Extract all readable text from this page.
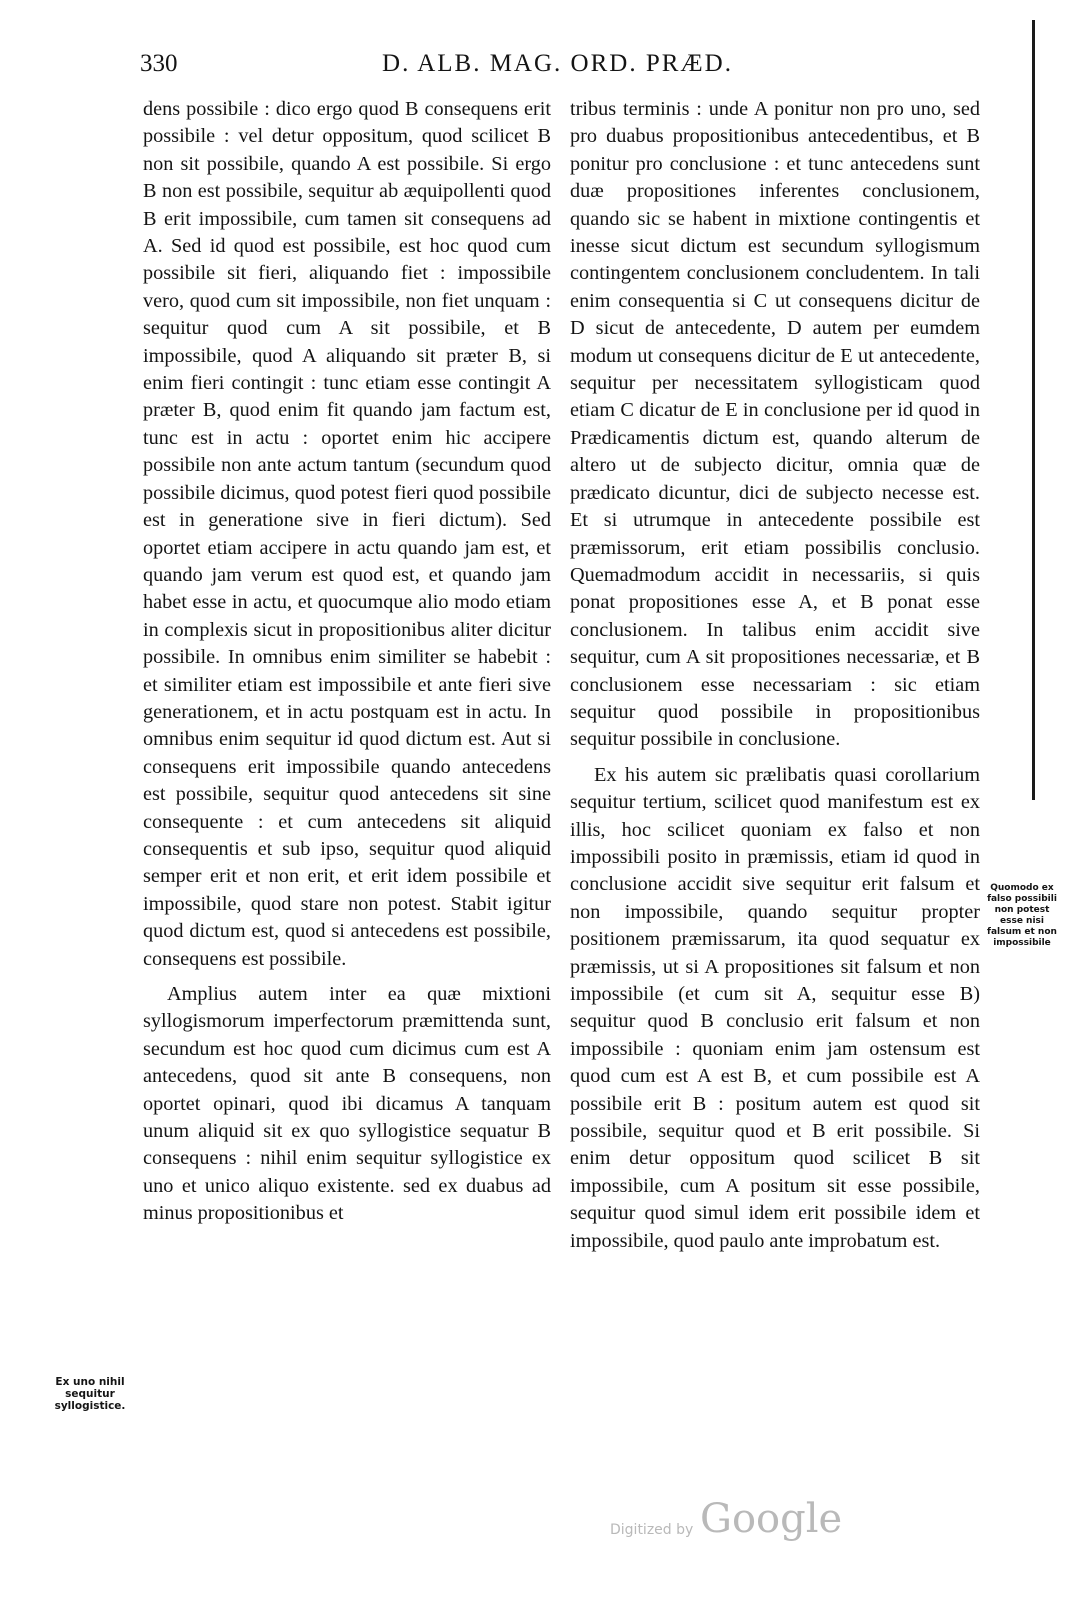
330	D. ALB. MAG. ORD. PRÆD.

dens possibile : dico ergo quod B consequens erit possibile : vel detur oppositum, quod scilicet B non sit possibile, quando A est possibile. Si ergo B non est possibile, sequitur ab æquipollenti quod B erit impossibile, cum tamen sit consequens ad A. Sed id quod est possibile, est hoc quod cum possibile sit fieri, aliquando fiet : impossibile vero, quod cum sit impossibile, non fiet unquam : sequitur quod cum A sit possibile, et B impossibile, quod A aliquando sit præter B, si enim fieri contingit : tunc etiam esse contingit A præter B, quod enim fit quando jam factum est, tunc est in actu : oportet enim hic accipere possibile non ante actum tantum (secundum quod possibile dicimus, quod potest fieri quod possibile est in generatione sive in fieri dictum). Sed oportet etiam accipere in actu quando jam est, et quando jam verum est quod est, et quando jam habet esse in actu, et quocumque alio modo etiam in complexis sicut in propositionibus aliter dicitur possibile. In omnibus enim similiter se habebit : et similiter etiam est impossibile et ante fieri sive generationem, et in actu postquam est in actu. In omnibus enim sequitur id quod dictum est. Aut si consequens erit impossibile quando antecedens est possibile, sequitur quod antecedens sit sine consequente : et cum antecedens sit aliquid consequentis et sub ipso, sequitur quod aliquid semper erit et non erit, et erit idem possibile et impossibile, quod stare non potest. Stabit igitur quod dictum est, quod si antecedens est possibile, consequens est possibile.

Amplius autem inter ea quæ mixtioni syllogismorum imperfectorum præmittenda sunt, secundum est hoc quod cum dicimus cum est A antecedens, quod sit ante B consequens, non oportet opinari, quod ibi dicamus A tanquam unum aliquid sit ex quo syllogistice sequatur B consequens : nihil enim sequitur syllogistice ex uno et unico aliquo existente. sed ex duabus ad minus propositionibus et

tribus terminis : unde A ponitur non pro uno, sed pro duabus propositionibus antecedentibus, et B ponitur pro conclusione : et tunc antecedens sunt duæ propositiones inferentes conclusionem, quando sic se habent in mixtione contingentis et inesse sicut dictum est secundum syllogismum contingentem conclusionem concludentem. In tali enim consequentia si C ut consequens dicitur de D sicut de antecedente, D autem per eumdem modum ut consequens dicitur de E ut antecedente, sequitur per necessitatem syllogisticam quod etiam C dicatur de E in conclusione per id quod in Prædicamentis dictum est, quando alterum de altero ut de subjecto dicitur, omnia quæ de prædicato dicuntur, dici de subjecto necesse est. Et si utrumque in antecedente possibile est præmissorum, erit etiam possibilis conclusio. Quemadmodum accidit in necessariis, si quis ponat propositiones esse A, et B ponat esse conclusionem. In talibus enim accidit sive sequitur, cum A sit propositiones necessariæ, et B conclusionem esse necessariam : sic etiam sequitur quod possibile in propositionibus sequitur possibile in conclusione.

Ex his autem sic prælibatis quasi corollarium sequitur tertium, scilicet quod manifestum est ex illis, hoc scilicet quoniam ex falso et non impossibili posito in præmissis, etiam id quod in conclusione accidit sive sequitur erit falsum et non impossibile, quando sequitur propter positionem præmissarum, ita quod sequatur ex præmissis, ut si A propositiones sit falsum et non impossibile (et cum sit A, sequitur esse B) sequitur quod B conclusio erit falsum et non impossibile : quoniam enim jam ostensum est quod cum est A est B, et cum possibile est A possibile erit B : positum autem est quod sit possibile, sequitur quod et B erit possibile. Si enim detur oppositum quod scilicet B sit impossibile, cum A positum sit esse possibile, sequitur quod simul idem erit possibile idem et impossibile, quod paulo ante improbatum est.

Ex uno nihil sequitur syllogistice.
Quomodo ex falso possibili non potest esse nisi falsum et non impossibile
Digitized by Google
